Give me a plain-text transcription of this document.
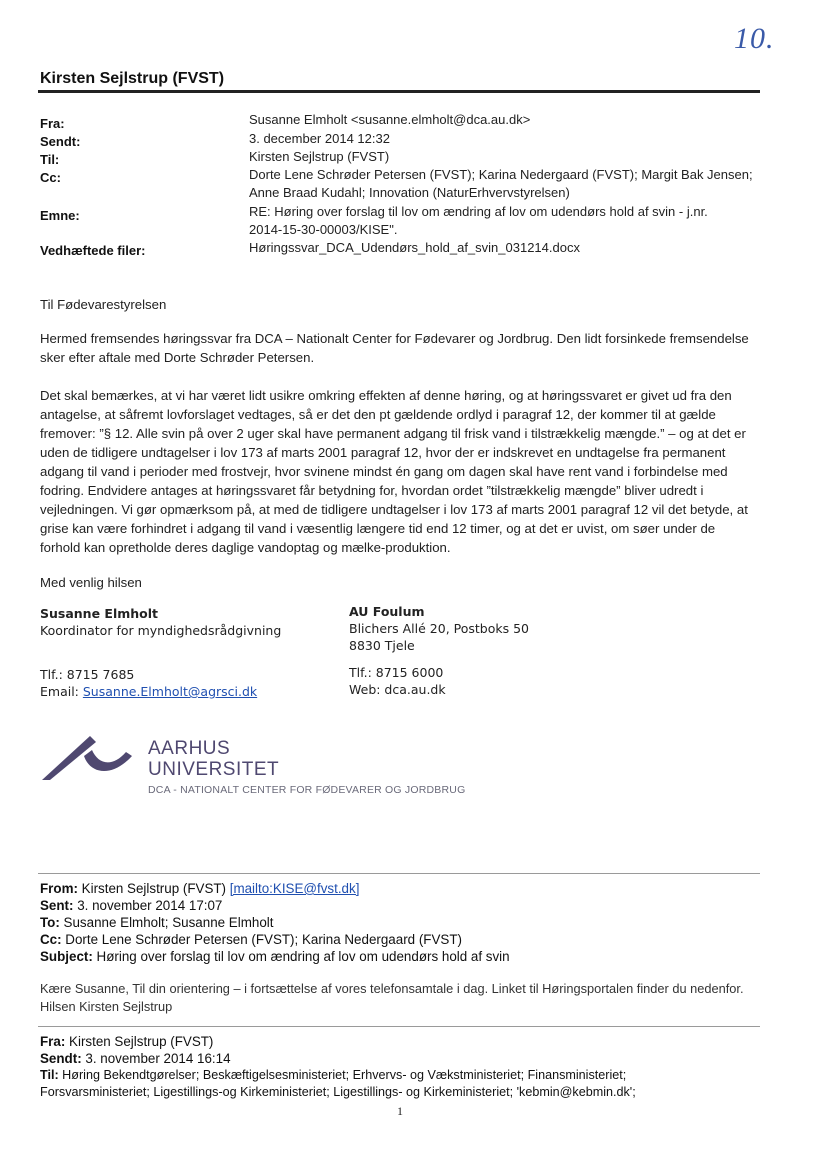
10.
Kirsten Sejlstrup (FVST)
Fra:	Susanne Elmholt <susanne.elmholt@dca.au.dk>
Sendt:	3. december 2014 12:32
Til:	Kirsten Sejlstrup (FVST)
Cc:	Dorte Lene Schrøder Petersen (FVST); Karina Nedergaard (FVST); Margit Bak Jensen;
Anne Braad Kudahl; Innovation (NaturErhvervstyrelsen)
Emne:	RE: Høring over forslag til lov om ændring af lov om udendørs hold af svin - j.nr.
2014-15-30-00003/KISE".
Vedhæftede filer:	Høringssvar_DCA_Udendørs_hold_af_svin_031214.docx
Til Fødevarestyrelsen
Hermed fremsendes høringssvar fra DCA – Nationalt Center for Fødevarer og Jordbrug. Den lidt forsinkede fremsendelse sker efter aftale med Dorte Schrøder Petersen.
Det skal bemærkes, at vi har været lidt usikre omkring effekten af denne høring, og at høringssvaret er givet ud fra den antagelse, at såfremt lovforslaget vedtages, så er det den pt gældende ordlyd i paragraf 12, der kommer til at gælde fremover: ”§ 12. Alle svin på over 2 uger skal have permanent adgang til frisk vand i tilstrækkelig mængde.” – og at det er uden de tidligere undtagelser i lov 173 af marts 2001 paragraf 12, hvor der er indskrevet en undtagelse fra permanent adgang til vand i perioder med frostvejr, hvor svinene mindst én gang om dagen skal have rent vand i forbindelse med fodring. Endvidere antages at høringssvaret får betydning for, hvordan ordet ”tilstrækkelig mængde” bliver udredt i vejledningen. Vi gør opmærksom på, at med de tidligere undtagelser i lov 173 af marts 2001 paragraf 12 vil det betyde, at grise kan være forhindret i adgang til vand i væsentlig længere tid end 12 timer, og at det er uvist, om søer under de forhold kan opretholde deres daglige vandoptag og mælke-produktion.
Med venlig hilsen
Susanne Elmholt
Koordinator for myndighedsrådgivning
Tlf.: 8715 7685
Email: Susanne.Elmholt@agrsci.dk
AU Foulum
Blichers Allé 20, Postboks 50
8830 Tjele
Tlf.: 8715 6000
Web: dca.au.dk
AARHUS
UNIVERSITET
DCA - NATIONALT CENTER FOR FØDEVARER OG JORDBRUG
From: Kirsten Sejlstrup (FVST) [mailto:KISE@fvst.dk]
Sent: 3. november 2014 17:07
To: Susanne Elmholt; Susanne Elmholt
Cc: Dorte Lene Schrøder Petersen (FVST); Karina Nedergaard (FVST)
Subject: Høring over forslag til lov om ændring af lov om udendørs hold af svin
Kære Susanne, Til din orientering – i fortsættelse af vores telefonsamtale i dag. Linket til Høringsportalen finder du nedenfor. Hilsen Kirsten Sejlstrup
Fra: Kirsten Sejlstrup (FVST)
Sendt: 3. november 2014 16:14
Til: Høring Bekendtgørelser; Beskæftigelsesministeriet; Erhvervs- og Vækstministeriet; Finansministeriet;
Forsvarsministeriet; Ligestillings-og Kirkeministeriet; Ligestillings- og Kirkeministeriet; 'kebmin@kebmin.dk';
1
